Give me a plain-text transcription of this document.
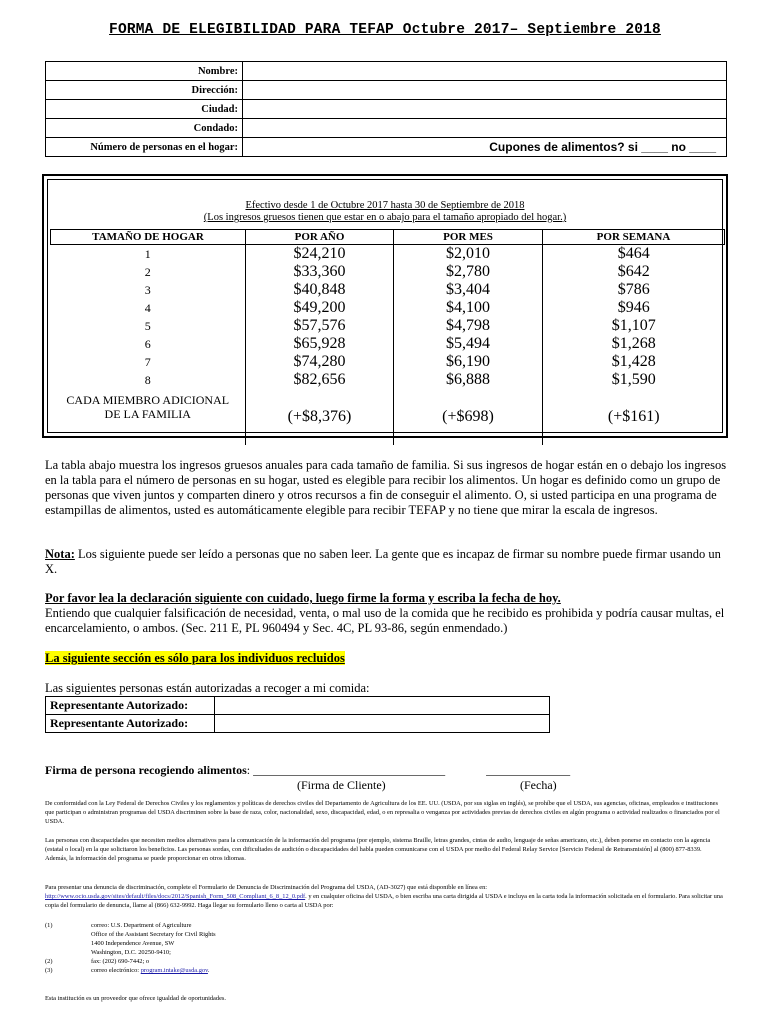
FORMA DE ELEGIBILIDAD PARA TEFAP Octubre 2017– Septiembre 2018
Nombre:	
Dirección:	
Ciudad:	
Condado:	
Número de personas en el hogar:	Cupones de alimentos? si ____ no ____
Efectivo desde 1 de Octubre 2017 hasta 30 de Septiembre de 2018
(Los ingresos gruesos tienen que estar en o abajo para el tamaño apropiado del hogar.)
TAMAÑO DE HOGAR	POR AÑO	POR MES	POR SEMANA
1	$24,210	$2,010	$464
2	$33,360	$2,780	$642
3	$40,848	$3,404	$786
4	$49,200	$4,100	$946
5	$57,576	$4,798	$1,107
6	$65,928	$5,494	$1,268
7	$74,280	$6,190	$1,428
8	$82,656	$6,888	$1,590

CADA MIEMBRO ADICIONAL
DE LA FAMILIA	(+$8,376)	(+$698)	(+$161)
La tabla abajo muestra los ingresos gruesos anuales para cada tamaño de familia. Si sus ingresos de hogar están en o debajo los ingresos en la tabla para el número de personas en su hogar, usted es elegible para recibir los alimentos. Un hogar es definido como un grupo de personas que viven juntos y comparten dinero y otros recursos a fin de conseguir el alimento. O, si usted participa en una programa de estampillas de alimentos, usted es automáticamente elegible para recibir TEFAP y no tiene que mirar la escala de ingresos.
Nota: Los siguiente puede ser leído a personas que no saben leer. La gente que es incapaz de firmar su nombre puede firmar usando un X.
Por favor lea la declaración siguiente con cuidado, luego firme la forma y escriba la fecha de hoy.
Entiendo que cualquier falsificación de necesidad, venta, o mal uso de la comida que he recibido es prohibida y podría causar multas, el encarcelamiento, o ambos. (Sec. 211 E, PL 960494 y Sec. 4C, PL 93-86, según enmendado.)
La siguiente sección es sólo para los individuos recluidos
Las siguientes personas están autorizadas a recoger a mi comida:
Representante Autorizado:	
Representante Autorizado:	
Firma de persona recogiendo alimentos: ________________________________	______________
(Firma de Cliente)	(Fecha)
De conformidad con la Ley Federal de Derechos Civiles y los reglamentos y políticas de derechos civiles del Departamento de Agricultura de los EE. UU. (USDA, por sus siglas en inglés), se prohíbe que el USDA, sus agencias, oficinas, empleados e instituciones que participan o administran programas del USDA discriminen sobre la base de raza, color, nacionalidad, sexo, discapacidad, edad, o en represalia o venganza por actividades previas de derechos civiles en algún programa o actividad realizados o financiados por el USDA.
Las personas con discapacidades que necesiten medios alternativos para la comunicación de la información del programa (por ejemplo, sistema Braille, letras grandes, cintas de audio, lenguaje de señas americano, etc.), deben ponerse en contacto con la agencia (estatal o local) en la que solicitaron los beneficios. Las personas sordas, con dificultades de audición o discapacidades del habla pueden comunicarse con el USDA por medio del Federal Relay Service [Servicio Federal de Retransmisión] al (800) 877-8339. Además, la información del programa se puede proporcionar en otros idiomas.
Para presentar una denuncia de discriminación, complete el Formulario de Denuncia de Discriminación del Programa del USDA, (AD-3027) que está disponible en línea en: http://www.ocio.usda.gov/sites/default/files/docs/2012/Spanish_Form_508_Compliant_6_8_12_0.pdf. y en cualquier oficina del USDA, o bien escriba una carta dirigida al USDA e incluya en la carta toda la información solicitada en el formulario. Para solicitar una copia del formulario de denuncia, llame al (866) 632-9992. Haga llegar su formulario lleno o carta al USDA por:
(1)	correo: U.S. Department of Agriculture
Office of the Assistant Secretary for Civil Rights
1400 Independence Avenue, SW
Washington, D.C. 20250-9410;
(2)	fax: (202) 690-7442; o
(3)	correo electrónico: program.intake@usda.gov.
Esta institución es un proveedor que ofrece igualdad de oportunidades.
